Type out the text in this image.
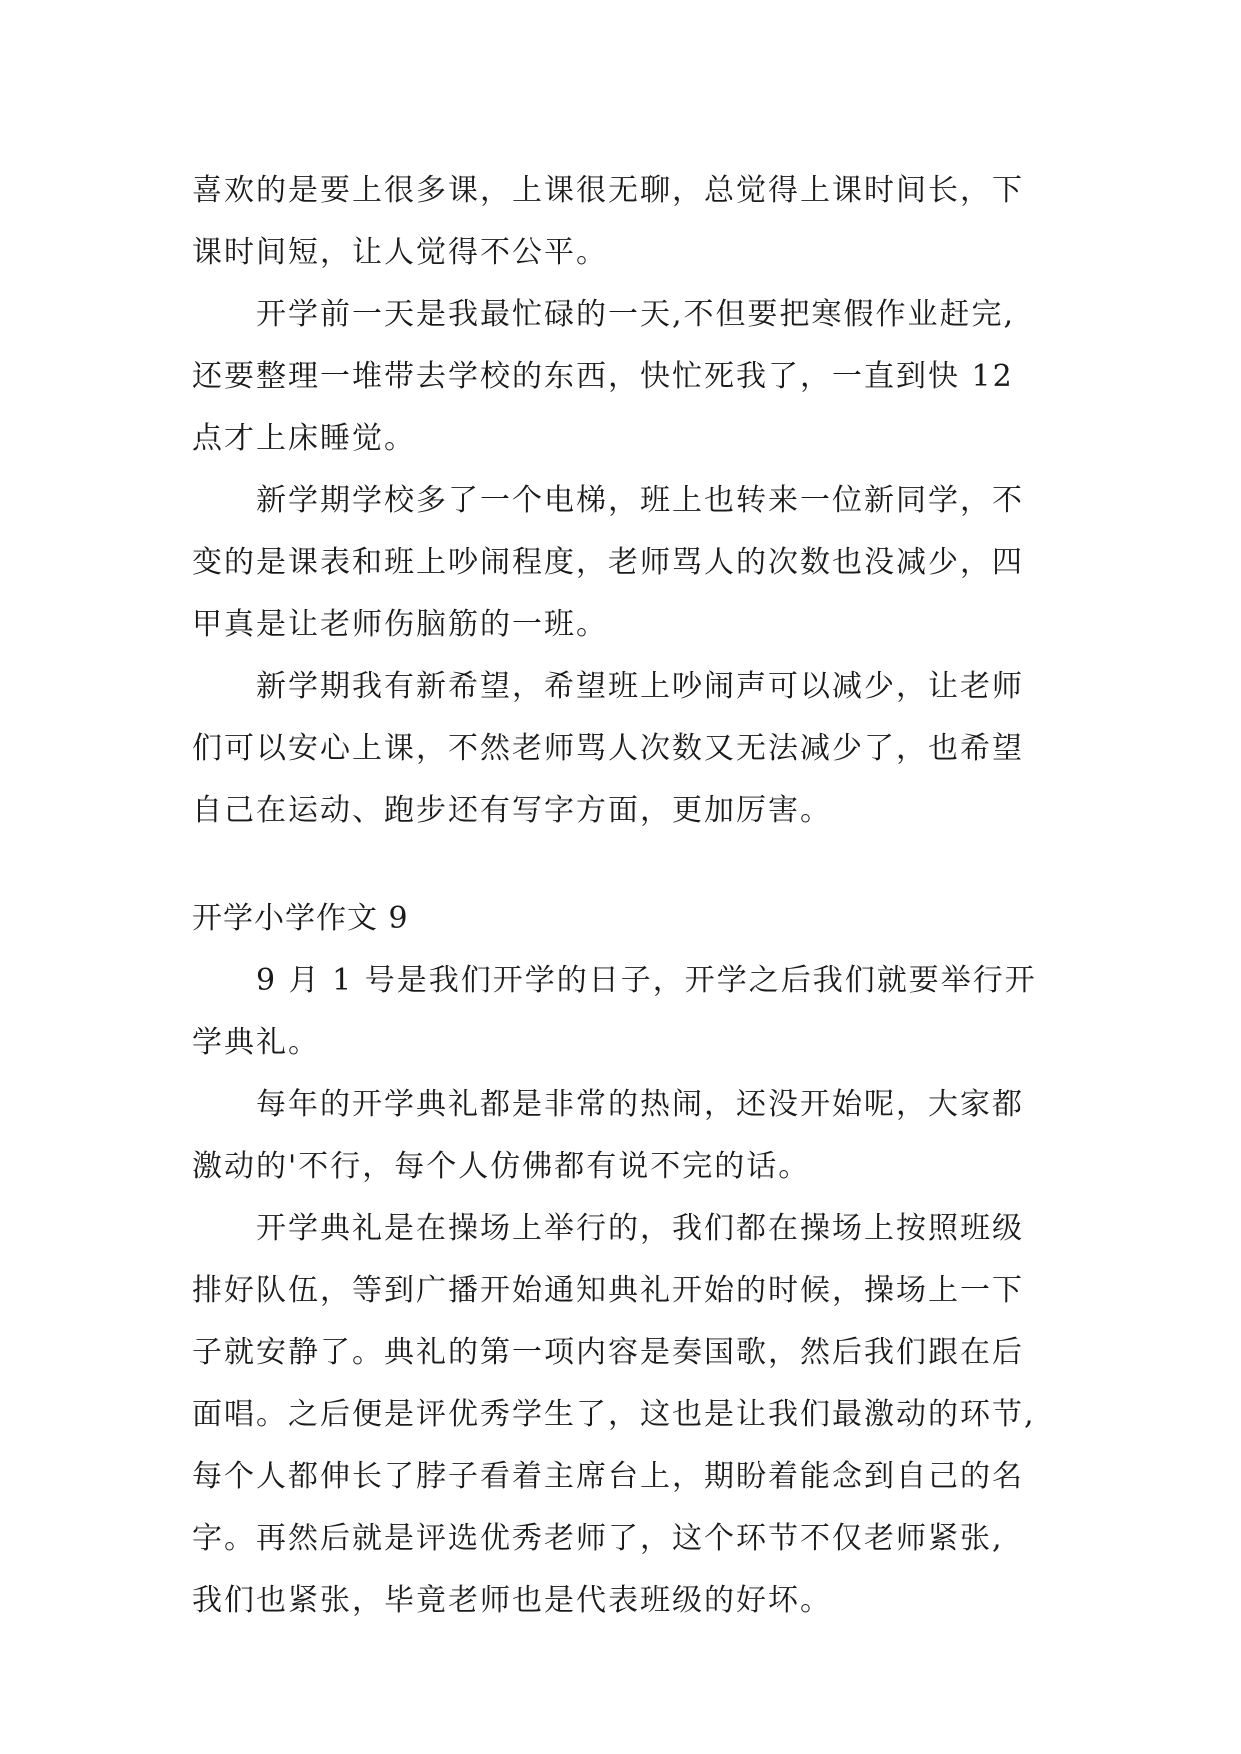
喜欢的是要上很多课，上课很无聊，总觉得上课时间长，下
课时间短，让人觉得不公平。

开学前一天是我最忙碌的一天,不但要把寒假作业赶完,
还要整理一堆带去学校的东西，快忙死我了，一直到快 12
点才上床睡觉。

新学期学校多了一个电梯，班上也转来一位新同学，不
变的是课表和班上吵闹程度，老师骂人的次数也没减少，四
甲真是让老师伤脑筋的一班。

新学期我有新希望，希望班上吵闹声可以减少，让老师
们可以安心上课，不然老师骂人次数又无法减少了，也希望
自己在运动、跑步还有写字方面，更加厉害。

开学小学作文 9

9 月 1 号是我们开学的日子，开学之后我们就要举行开
学典礼。

每年的开学典礼都是非常的热闹，还没开始呢，大家都
激动的'不行，每个人仿佛都有说不完的话。

开学典礼是在操场上举行的，我们都在操场上按照班级
排好队伍，等到广播开始通知典礼开始的时候，操场上一下
子就安静了。典礼的第一项内容是奏国歌，然后我们跟在后
面唱。之后便是评优秀学生了，这也是让我们最激动的环节,
每个人都伸长了脖子看着主席台上，期盼着能念到自己的名
字。再然后就是评选优秀老师了，这个环节不仅老师紧张,
我们也紧张，毕竟老师也是代表班级的好坏。
